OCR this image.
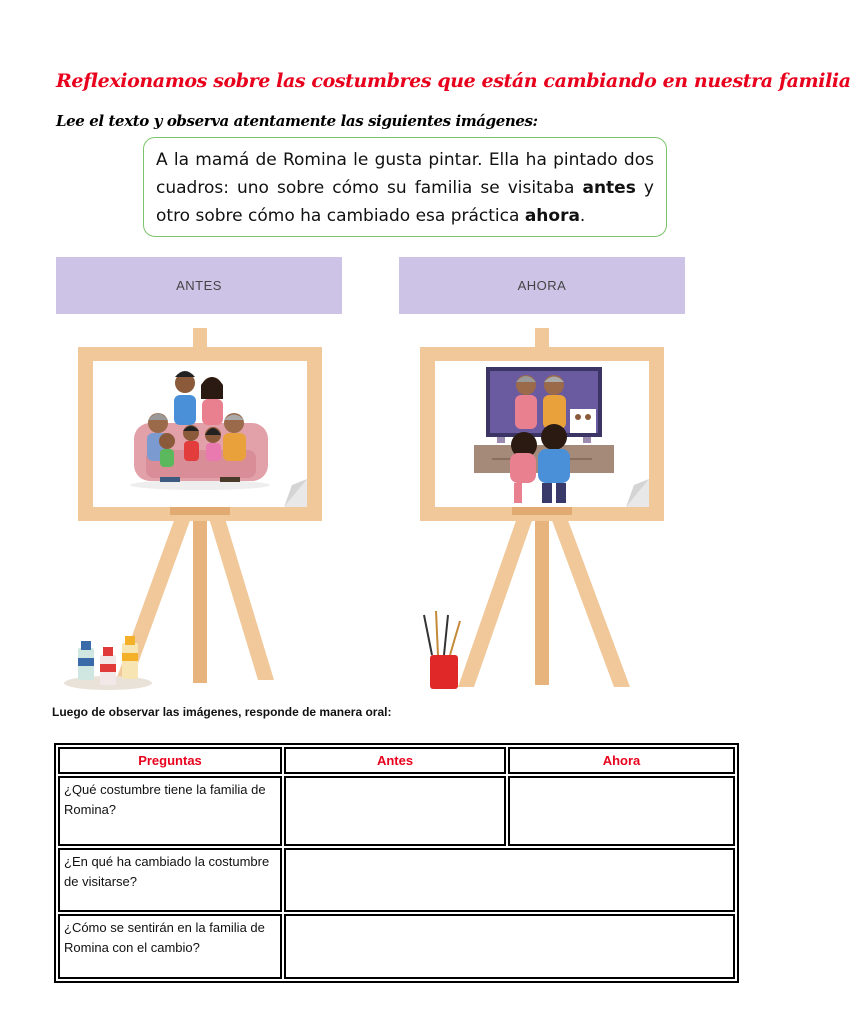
Reflexionamos sobre las costumbres que están cambiando en nuestra familia
Lee el texto y observa atentamente las siguientes imágenes:
A la mamá de Romina le gusta pintar. Ella ha pintado dos cuadros: uno sobre cómo su familia se visitaba antes y otro sobre cómo ha cambiado esa práctica ahora.
ANTES	AHORA
Luego de observar las imágenes, responde de manera oral:
Preguntas	Antes	Ahora
¿Qué costumbre tiene la familia de Romina?		
¿En qué ha cambiado la costumbre de visitarse?		
¿Cómo se sentirán en la familia de Romina con el cambio?		
